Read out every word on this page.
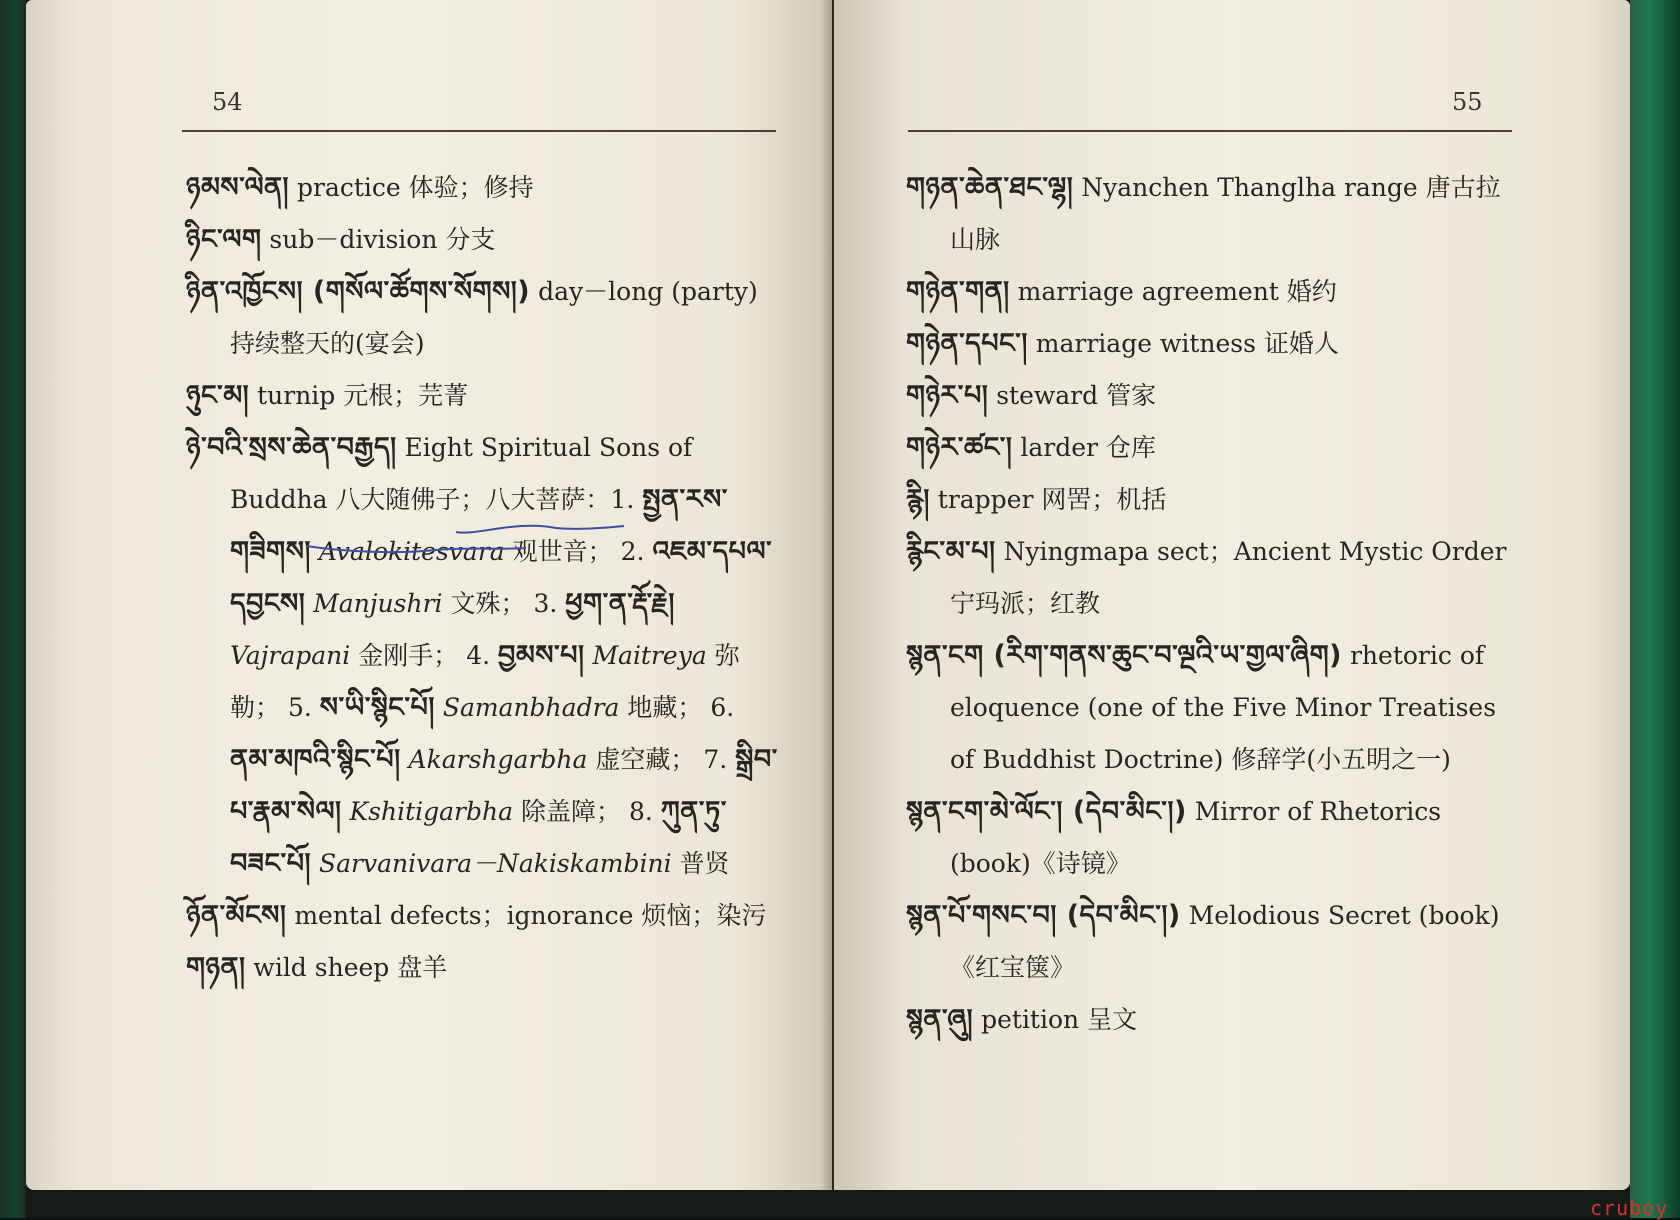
54

ཉམས་ལེན། practice 体验；修持

ཉིང་ལག sub－division 分支

ཉིན་འཁྱོངས། (གསོལ་ཚོགས་སོགས།) day－long (party) 持续整天的(宴会)

ཉུང་མ། turnip 元根；芫菁

ཉེ་བའི་སྲས་ཆེན་བརྒྱད། Eight Spiritual Sons of Buddha 八大随佛子；八大菩萨：1. སྤྱན་རས་གཟིགས། Avalokitesvara 观世音； 2. འཇམ་དཔལ་དབྱངས། Manjushri 文殊； 3. ཕྱག་ན་རྡོ་རྗེ། Vajrapani 金刚手； 4. བྱམས་པ། Maitreya 弥勒； 5. ས་ཡི་སྙིང་པོ། Samanbhadra 地藏； 6. ནམ་མཁའི་སྙིང་པོ། Akarshgarbha 虚空藏； 7. སྒྲིབ་པ་རྣམ་སེལ། Kshitigarbha 除盖障； 8. ཀུན་ཏུ་བཟང་པོ། Sarvanivara－Nakiskambini 普贤

ཉོན་མོངས། mental defects；ignorance 烦恼；染污

གཉན། wild sheep 盘羊

55

གཉན་ཆེན་ཐང་ལྷ། Nyanchen Thanglha range 唐古拉山脉

གཉེན་གན། marriage agreement 婚约

གཉེན་དཔང་། marriage witness 证婚人

གཉེར་པ། steward 管家

གཉེར་ཚང་། larder 仓库

རྙི། trapper 网罟；机括

རྙིང་མ་པ། Nyingmapa sect；Ancient Mystic Order 宁玛派；红教

སྙན་ངག (རིག་གནས་ཆུང་བ་ལྔའི་ཡ་གྱལ་ཞིག) rhetoric of eloquence (one of the Five Minor Treatises of Buddhist Doctrine) 修辞学(小五明之一)

སྙན་ངག་མེ་ལོང་། (དེབ་མིང་།) Mirror of Rhetorics (book)《诗镜》

སྙན་པོ་གསང་བ། (དེབ་མིང་།) Melodious Secret (book)《红宝箧》

སྙན་ཞུ། petition 呈文

cruboy
